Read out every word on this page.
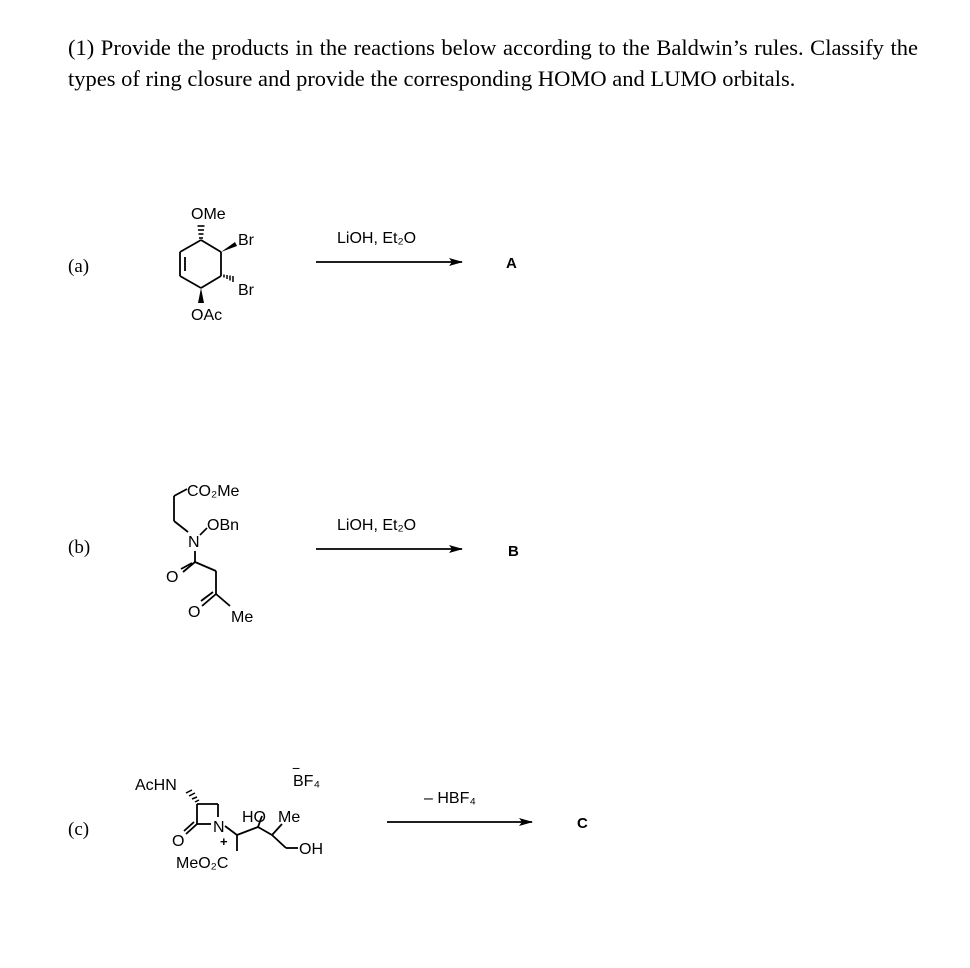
(1) Provide the products in the reactions below according to the Baldwin’s rules. Classify the types of ring closure and provide the corresponding HOMO and LUMO orbitals.
(a)
(b)
(c)
OMe
Br
Br
OAc
LiOH, Et₂O
A
CO₂Me
N
OBn
O
O Me
LiOH, Et₂O
B
AcHN
N
+
O
HO Me
OH
MeO₂C
BF₄
−
– HBF₄
C
